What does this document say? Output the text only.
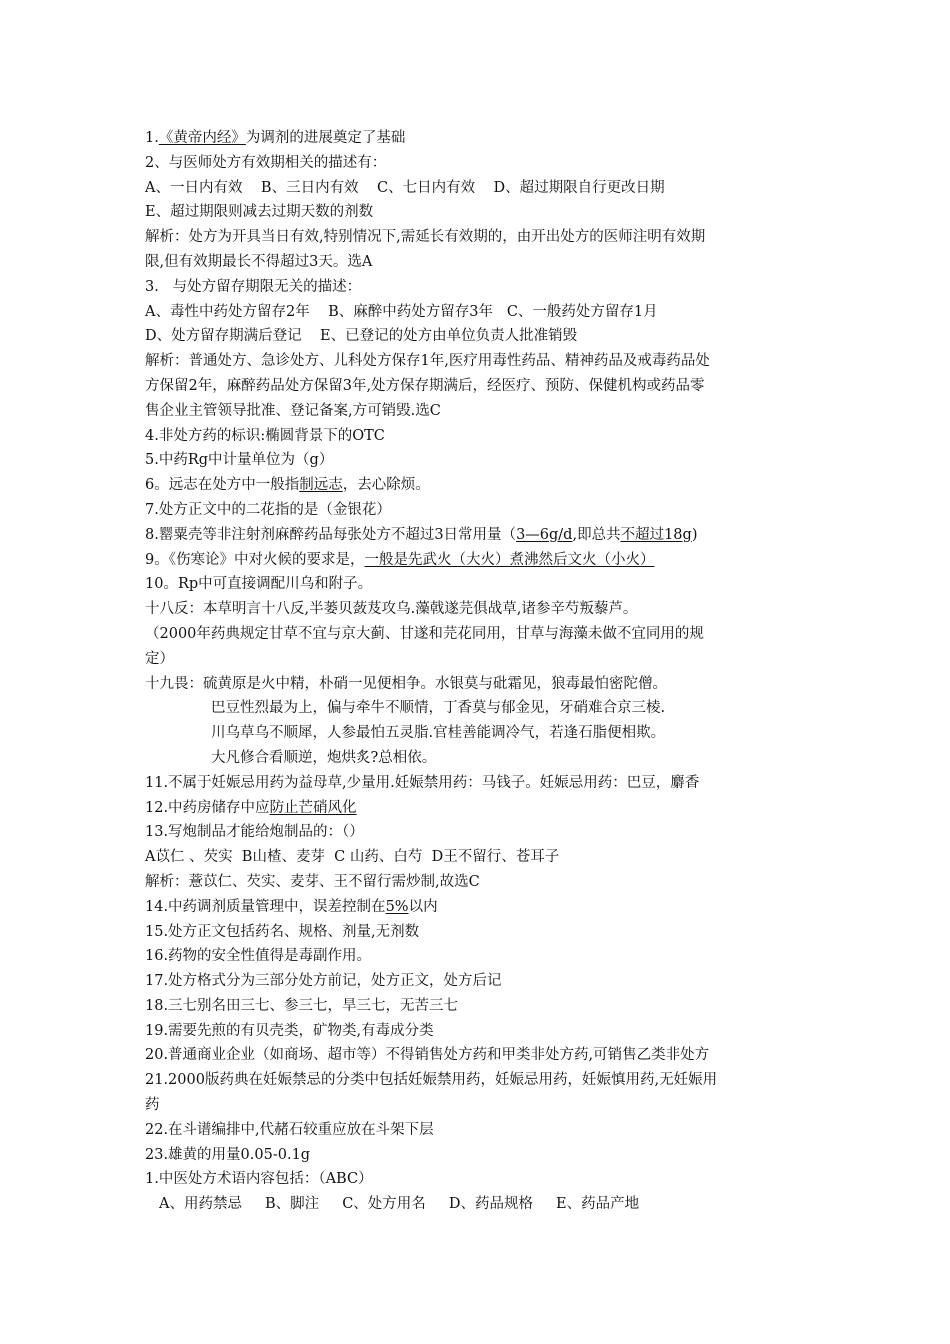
1.《黄帝内经》为调剂的进展奠定了基础
2、与医师处方有效期相关的描述有：
A、一日内有效    B、三日内有效    C、七日内有效    D、超过期限自行更改日期
E、超过期限则减去过期天数的剂数
解析：处方为开具当日有效,特别情况下,需延长有效期的，由开出处方的医师注明有效期
限,但有效期最长不得超过3天。选A
3.   与处方留存期限无关的描述：
A、毒性中药处方留存2年    B、麻醉中药处方留存3年   C、一般药处方留存1月
D、处方留存期满后登记    E、已登记的处方由单位负责人批准销毁
解析：普通处方、急诊处方、儿科处方保存1年,医疗用毒性药品、精神药品及戒毒药品处
方保留2年，麻醉药品处方保留3年,处方保存期满后，经医疗、预防、保健机构或药品零
售企业主管领导批准、登记备案,方可销毁.选C
4.非处方药的标识:椭圆背景下的OTC
5.中药Rg中计量单位为（g）
6。远志在处方中一般指制远志，去心除烦。
7.处方正文中的二花指的是（金银花）
8.罂粟壳等非注射剂麻醉药品每张处方不超过3日常用量（3—6g/d,即总共不超过18g)
9。《伤寒论》中对火候的要求是，一般是先武火（大火）煮沸然后文火（小火）
10。Rp中可直接调配川乌和附子。
十八反：本草明言十八反,半蒌贝蔹芨攻乌.藻戟遂芫俱战草,诸参辛芍叛藜芦。
（2000年药典规定甘草不宜与京大蓟、甘遂和芫花同用，甘草与海藻未做不宜同用的规
定）
十九畏：硫黄原是火中精，朴硝一见便相争。水银莫与砒霜见，狼毒最怕密陀僧。
巴豆性烈最为上，偏与牵牛不顺情，丁香莫与郁金见，牙硝难合京三棱.
川乌草乌不顺犀，人参最怕五灵脂.官桂善能调冷气，若逢石脂便相欺。
大凡修合看顺逆，炮烘炙?总相依。
11.不属于妊娠忌用药为益母草,少量用.妊娠禁用药：马钱子。妊娠忌用药：巴豆，麝香
12.中药房储存中应防止芒硝风化
13.写炮制品才能给炮制品的：（）
A苡仁 、芡实  B山楂、麦芽  C 山药、白芍  D王不留行、苍耳子
解析：薏苡仁、芡实、麦芽、王不留行需炒制,故选C
14.中药调剂质量管理中，误差控制在5%以内
15.处方正文包括药名、规格、剂量,无剂数
16.药物的安全性值得是毒副作用。
17.处方格式分为三部分处方前记，处方正文，处方后记
18.三七别名田三七、参三七，旱三七，无苦三七
19.需要先煎的有贝壳类，矿物类,有毒成分类
20.普通商业企业（如商场、超市等）不得销售处方药和甲类非处方药,可销售乙类非处方
21.2000版药典在妊娠禁忌的分类中包括妊娠禁用药，妊娠忌用药，妊娠慎用药,无妊娠用
药
22.在斗谱编排中,代赭石较重应放在斗架下层
23.雄黄的用量0.05-0.1g
1.中医处方术语内容包括：（ABC）
A、用药禁忌     B、脚注     C、处方用名     D、药品规格     E、药品产地
